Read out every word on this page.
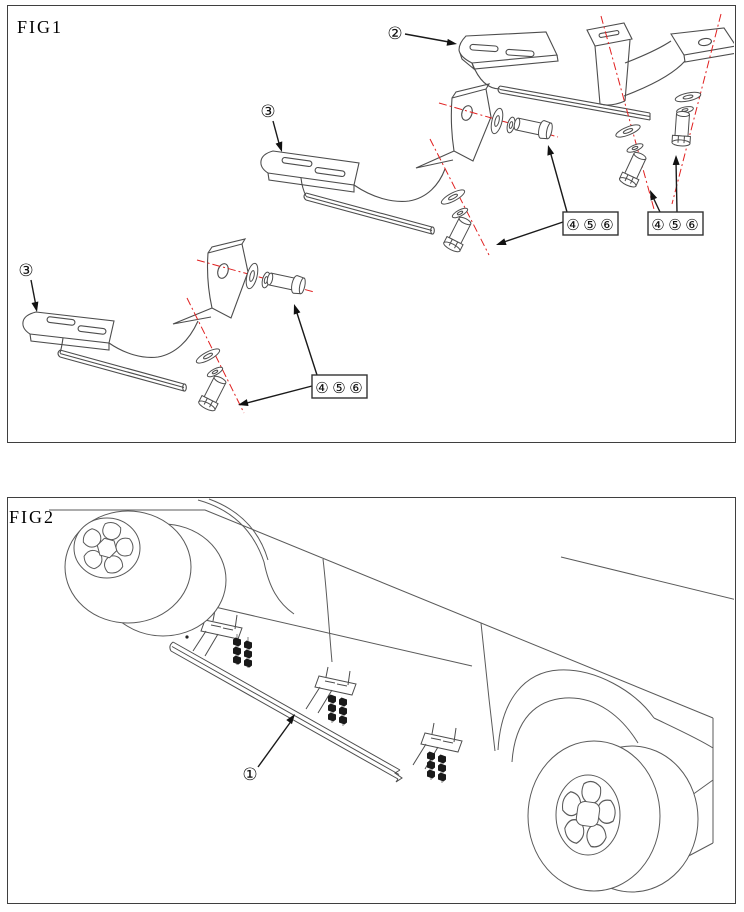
FIG1	②
③
③
④ ⑤ ⑥	④ ⑤ ⑥
④ ⑤ ⑥
FIG2
①
